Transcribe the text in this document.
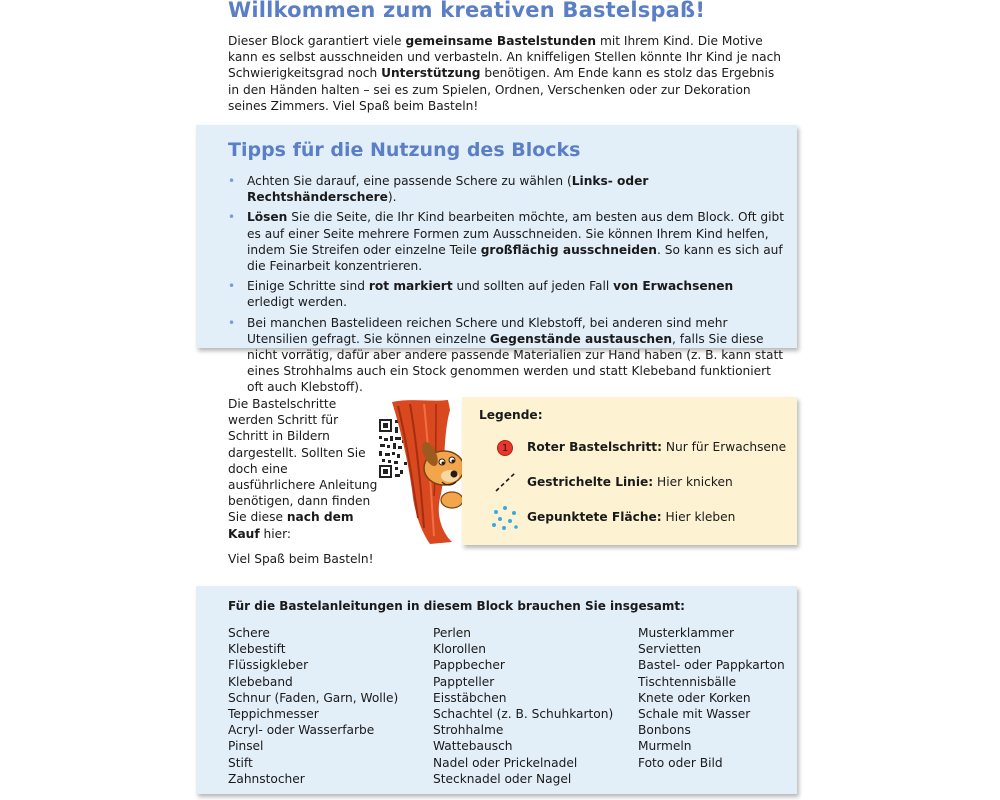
Willkommen zum kreativen Bastelspaß!

Dieser Block garantiert viele gemeinsame Bastelstunden mit Ihrem Kind. Die Motive kann es selbst ausschneiden und verbasteln. An kniffeligen Stellen könnte Ihr Kind je nach Schwierigkeitsgrad noch Unterstützung benötigen. Am Ende kann es stolz das Ergebnis in den Händen halten – sei es zum Spielen, Ordnen, Verschenken oder zur Dekoration seines Zimmers. Viel Spaß beim Basteln!

Tipps für die Nutzung des Blocks
• Achten Sie darauf, eine passende Schere zu wählen (Links- oder Rechtshänderschere).
• Lösen Sie die Seite, die Ihr Kind bearbeiten möchte, am besten aus dem Block. Oft gibt es auf einer Seite mehrere Formen zum Ausschneiden. Sie können Ihrem Kind helfen, indem Sie Streifen oder einzelne Teile großflächig ausschneiden. So kann es sich auf die Feinarbeit konzentrieren.
• Einige Schritte sind rot markiert und sollten auf jeden Fall von Erwachsenen erledigt werden.
• Bei manchen Bastelideen reichen Schere und Klebstoff, bei anderen sind mehr Utensilien gefragt. Sie können einzelne Gegenstände austauschen, falls Sie diese nicht vorrätig, dafür aber andere passende Materialien zur Hand haben (z. B. kann statt eines Strohhalms auch ein Stock genommen werden und statt Klebeband funktioniert oft auch Klebstoff).

Die Bastelschritte werden Schritt für Schritt in Bildern dargestellt. Sollten Sie doch eine ausführlichere Anleitung benötigen, dann finden Sie diese nach dem Kauf hier:

Legende:
1	Roter Bastelschritt: Nur für Erwachsene
Gestrichelte Linie: Hier knicken
Gepunktete Fläche: Hier kleben
Viel Spaß beim Basteln!
Für die Bastelanleitungen in diesem Block brauchen Sie insgesamt:
Schere
Klebestift
Flüssigkleber
Klebeband
Schnur (Faden, Garn, Wolle)
Teppichmesser
Acryl- oder Wasserfarbe
Pinsel
Stift
Zahnstocher
Perlen
Klorollen
Pappbecher
Pappteller
Eisstäbchen
Schachtel (z. B. Schuhkarton)
Strohhalme
Wattebausch
Nadel oder Prickelnadel
Stecknadel oder Nagel
Musterklammer
Servietten
Bastel- oder Pappkarton
Tischtennisbälle
Knete oder Korken
Schale mit Wasser
Bonbons
Murmeln
Foto oder Bild
